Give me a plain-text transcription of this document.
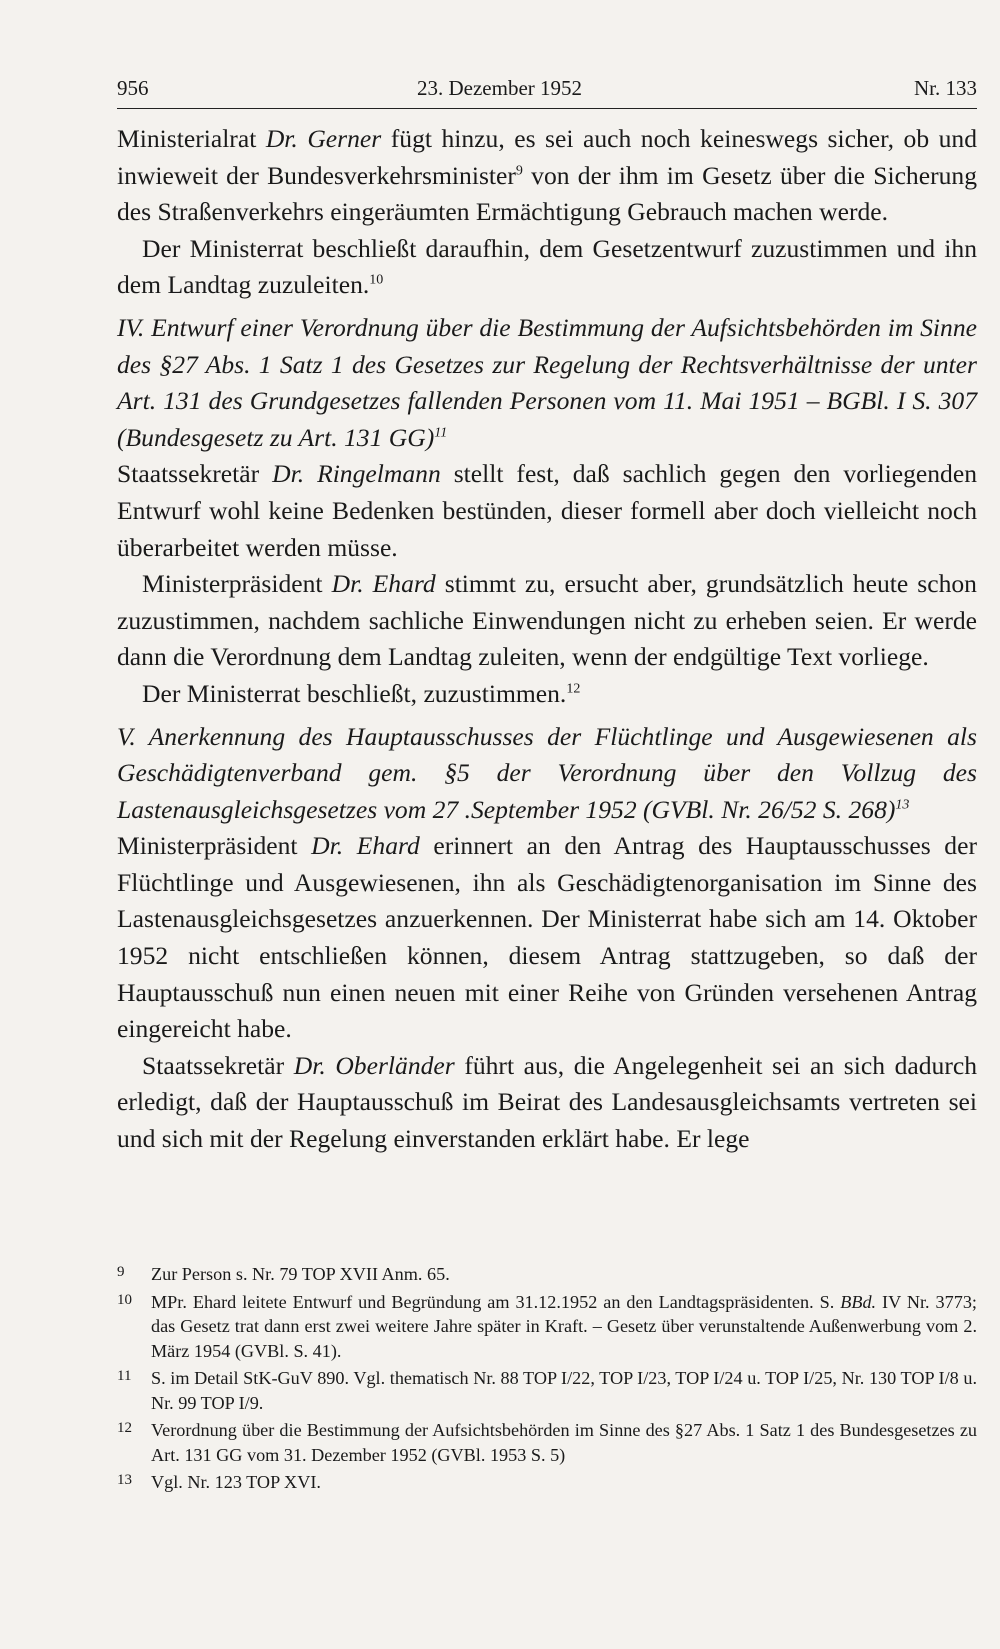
956	23. Dezember 1952	Nr. 133

Ministerialrat Dr. Gerner fügt hinzu, es sei auch noch keineswegs sicher, ob und inwieweit der Bundesverkehrsminister$^9$ von der ihm im Gesetz über die Sicherung des Straßenverkehrs eingeräumten Ermächtigung Gebrauch machen werde.

Der Ministerrat beschließt daraufhin, dem Gesetzentwurf zuzustimmen und ihn dem Landtag zuzuleiten.$^{10}$

IV. Entwurf einer Verordnung über die Bestimmung der Aufsichtsbehörden im Sinne des §27 Abs. 1 Satz 1 des Gesetzes zur Regelung der Rechtsverhältnisse der unter Art. 131 des Grundgesetzes fallenden Personen vom 11. Mai 1951 – BGBl. I S. 307 (Bundesgesetz zu Art. 131 GG)$^{11}$

Staatssekretär Dr. Ringelmann stellt fest, daß sachlich gegen den vorliegenden Entwurf wohl keine Bedenken bestünden, dieser formell aber doch vielleicht noch überarbeitet werden müsse.

Ministerpräsident Dr. Ehard stimmt zu, ersucht aber, grundsätzlich heute schon zuzustimmen, nachdem sachliche Einwendungen nicht zu erheben seien. Er werde dann die Verordnung dem Landtag zuleiten, wenn der endgültige Text vorliege.

Der Ministerrat beschließt, zuzustimmen.$^{12}$

V. Anerkennung des Hauptausschusses der Flüchtlinge und Ausgewiesenen als Geschädigtenverband gem. §5 der Verordnung über den Vollzug des Lastenausgleichsgesetzes vom 27 .September 1952 (GVBl. Nr. 26/52 S. 268)$^{13}$

Ministerpräsident Dr. Ehard erinnert an den Antrag des Hauptausschusses der Flüchtlinge und Ausgewiesenen, ihn als Geschädigtenorganisation im Sinne des Lastenausgleichsgesetzes anzuerkennen. Der Ministerrat habe sich am 14. Oktober 1952 nicht entschließen können, diesem Antrag stattzugeben, so daß der Hauptausschuß nun einen neuen mit einer Reihe von Gründen versehenen Antrag eingereicht habe.

Staatssekretär Dr. Oberländer führt aus, die Angelegenheit sei an sich dadurch erledigt, daß der Hauptausschuß im Beirat des Landesausgleichsamts vertreten sei und sich mit der Regelung einverstanden erklärt habe. Er lege

9 Zur Person s. Nr. 79 TOP XVII Anm. 65.
10 MPr. Ehard leitete Entwurf und Begründung am 31.12.1952 an den Landtagspräsidenten. S. BBd. IV Nr. 3773; das Gesetz trat dann erst zwei weitere Jahre später in Kraft. – Gesetz über verunstaltende Außenwerbung vom 2. März 1954 (GVBl. S. 41).
11 S. im Detail StK-GuV 890. Vgl. thematisch Nr. 88 TOP I/22, TOP I/23, TOP I/24 u. TOP I/25, Nr. 130 TOP I/8 u. Nr. 99 TOP I/9.
12 Verordnung über die Bestimmung der Aufsichtsbehörden im Sinne des §27 Abs. 1 Satz 1 des Bundesgesetzes zu Art. 131 GG vom 31. Dezember 1952 (GVBl. 1953 S. 5)
13 Vgl. Nr. 123 TOP XVI.
